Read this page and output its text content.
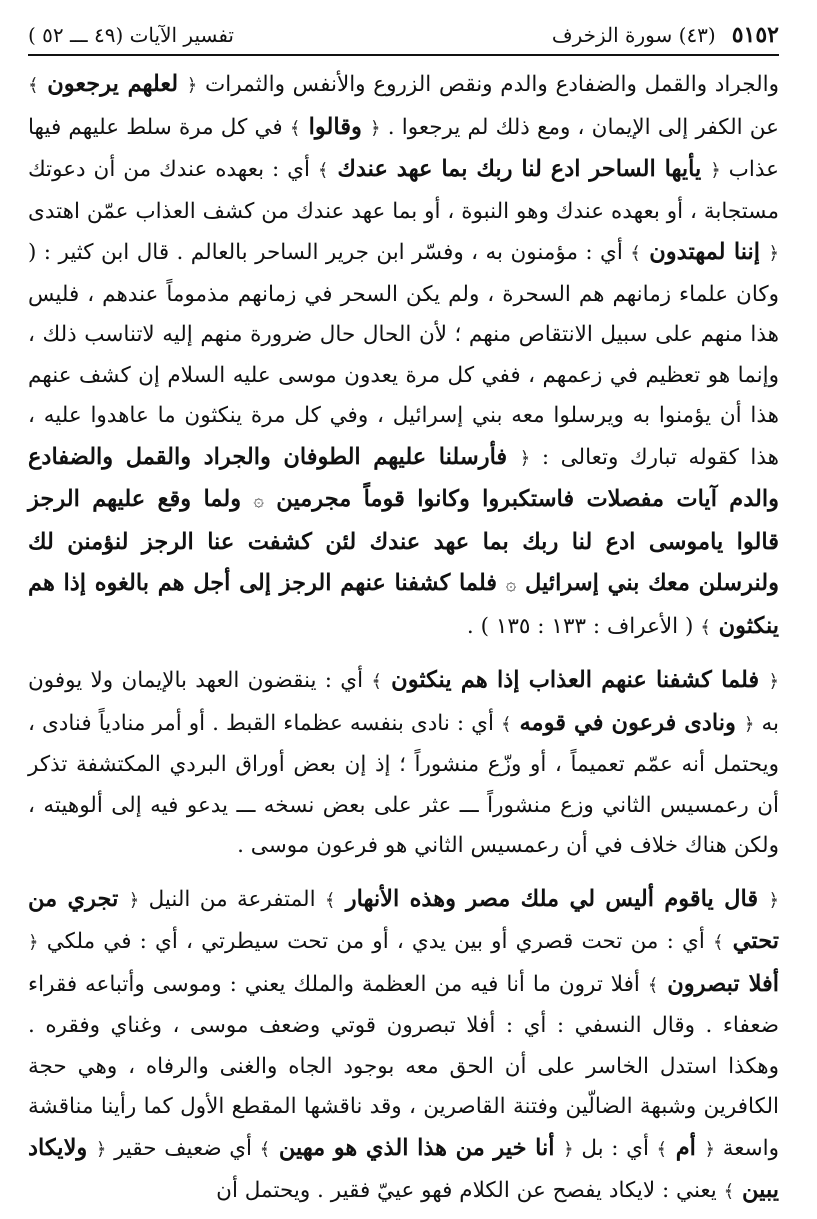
٥١٥٢
(٤٣) سورة الزخرف
تفسير الآيات (٤٩ ـــ ٥٢ )

والجراد والقمل والضفادع والدم ونقص الزروع والأنفس والثمرات ﴿ لعلهم يرجعون ﴾ عن الكفر إلى الإيمان ، ومع ذلك لم يرجعوا . ﴿ وقالوا ﴾ في كل مرة سلط عليهم فيها عذاب ﴿ يأيها الساحر ادع لنا ربك بما عهد عندك ﴾ أي : بعهده عندك من أن دعوتك مستجابة ، أو بعهده عندك وهو النبوة ، أو بما عهد عندك من كشف العذاب عمّن اهتدى ﴿ إننا لمهتدون ﴾ أي : مؤمنون به ، وفسّر ابن جرير الساحر بالعالم . قال ابن كثير : ( وكان علماء زمانهم هم السحرة ، ولم يكن السحر في زمانهم مذموماً عندهم ، فليس هذا منهم على سبيل الانتقاص منهم ؛ لأن الحال حال ضرورة منهم إليه لاتناسب ذلك ، وإنما هو تعظيم في زعمهم ، ففي كل مرة يعدون موسى عليه السلام إن كشف عنهم هذا أن يؤمنوا به ويرسلوا معه بني إسرائيل ، وفي كل مرة ينكثون ما عاهدوا عليه ، هذا كقوله تبارك وتعالى : ﴿ فأرسلنا عليهم الطوفان والجراد والقمل والضفادع والدم آيات مفصلات فاستكبروا وكانوا قوماً مجرمين ۞ ولما وقع عليهم الرجز قالوا ياموسى ادع لنا ربك بما عهد عندك لئن كشفت عنا الرجز لنؤمنن لك ولنرسلن معك بني إسرائيل ۞ فلما كشفنا عنهم الرجز إلى أجل هم بالغوه إذا هم ينكثون ﴾ ( الأعراف : ١٣٣ : ١٣٥ ) .

﴿ فلما كشفنا عنهم العذاب إذا هم ينكثون ﴾ أي : ينقضون العهد بالإيمان ولا يوفون به ﴿ ونادى فرعون في قومه ﴾ أي : نادى بنفسه عظماء القبط . أو أمر منادياً فنادى ، ويحتمل أنه عمّم تعميماً ، أو وزّع منشوراً ؛ إذ إن بعض أوراق البردي المكتشفة تذكر أن رعمسيس الثاني وزع منشوراً ـــ عثر على بعض نسخه ـــ يدعو فيه إلى ألوهيته ، ولكن هناك خلاف في أن رعمسيس الثاني هو فرعون موسى .

﴿ قال ياقوم أليس لي ملك مصر وهذه الأنهار ﴾ المتفرعة من النيل ﴿ تجري من تحتي ﴾ أي : من تحت قصري أو بين يدي ، أو من تحت سيطرتي ، أي : في ملكي ﴿ أفلا تبصرون ﴾ أفلا ترون ما أنا فيه من العظمة والملك يعني : وموسى وأتباعه فقراء ضعفاء . وقال النسفي : أي : أفلا تبصرون قوتي وضعف موسى ، وغناي وفقره . وهكذا استدل الخاسر على أن الحق معه بوجود الجاه والغنى والرفاه ، وهي حجة الكافرين وشبهة الضالّين وفتنة القاصرين ، وقد ناقشها المقطع الأول كما رأينا مناقشة واسعة ﴿ أم ﴾ أي : بل ﴿ أنا خير من هذا الذي هو مهين ﴾ أي ضعيف حقير ﴿ ولايكاد يبين ﴾ يعني : لايكاد يفصح عن الكلام فهو عييّ فقير . ويحتمل أن
